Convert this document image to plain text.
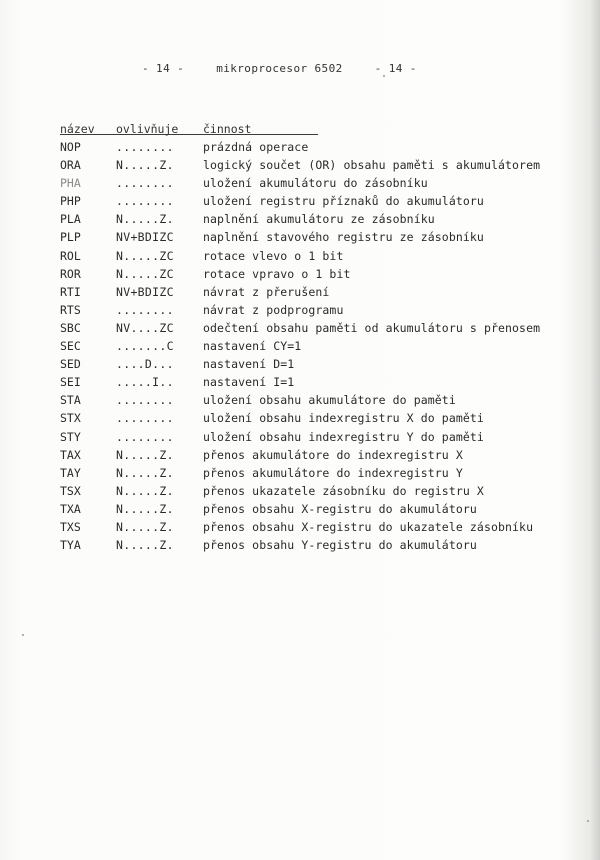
- 14 -	mikroprocesor 6502	- 14 -
název ovlivňuje činnost
NOP	........	prázdná operace
ORA	N.....Z.	logický součet (OR) obsahu paměti s akumulátorem
PHA	........	uložení akumulátoru do zásobníku
PHP	........	uložení registru příznaků do akumulátoru
PLA	N.....Z.	naplnění akumulátoru ze zásobníku
PLP	NV+BDIZC	naplnění stavového registru ze zásobníku
ROL	N.....ZC	rotace vlevo o 1 bit
ROR	N.....ZC	rotace vpravo o 1 bit
RTI	NV+BDIZC	návrat z přerušení
RTS	........	návrat z podprogramu
SBC	NV....ZC	odečtení obsahu paměti od akumulátoru s přenosem
SEC	.......C	nastavení CY=1
SED	....D...	nastavení D=1
SEI	.....I..	nastavení I=1
STA	........	uložení obsahu akumulátore do paměti
STX	........	uložení obsahu indexregistru X do paměti
STY	........	uložení obsahu indexregistru Y do paměti
TAX	N.....Z.	přenos akumulátore do indexregistru X
TAY	N.....Z.	přenos akumulátore do indexregistru Y
TSX	N.....Z.	přenos ukazatele zásobníku do registru X
TXA	N.....Z.	přenos obsahu X-registru do akumulátoru
TXS	N.....Z.	přenos obsahu X-registru do ukazatele zásobníku
TYA	N.....Z.	přenos obsahu Y-registru do akumulátoru
